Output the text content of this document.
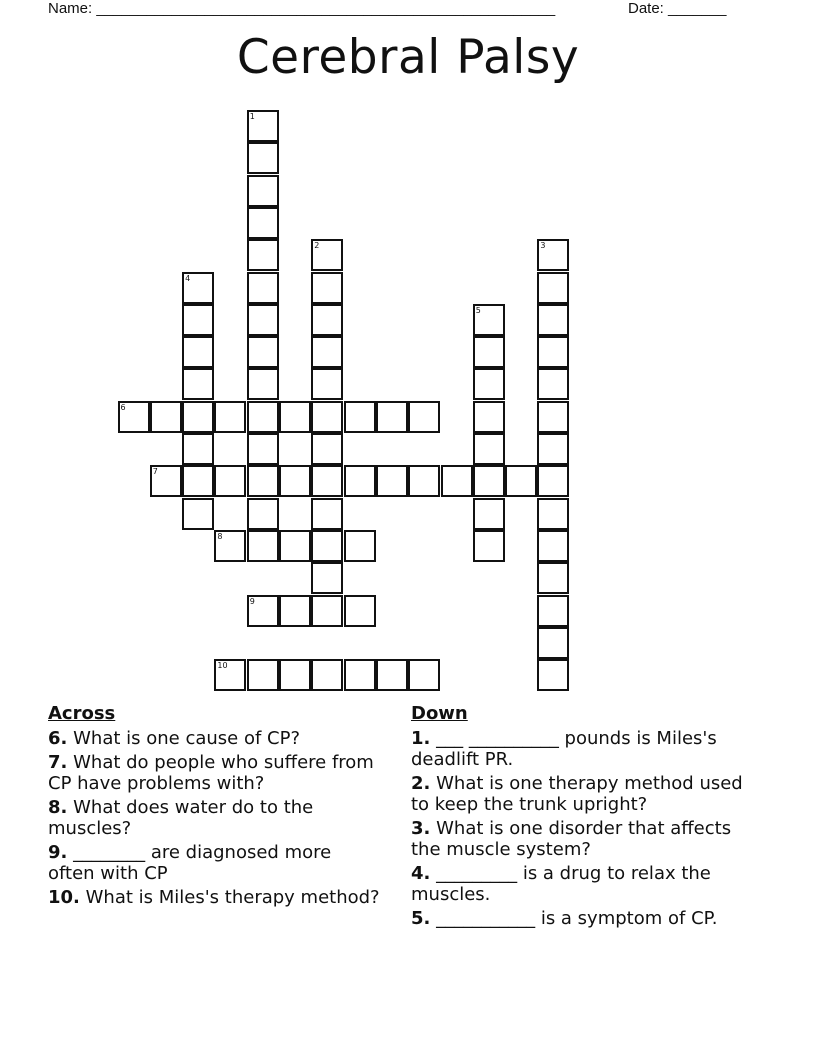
Name: _______________________________________________________	Date: _______
Cerebral Palsy
1
2	3
4
5
6
7
8
9
10
Across
6. What is one cause of CP?
7. What do people who suffere from CP have problems with?
8. What does water do to the muscles?
9. ________ are diagnosed more often with CP
10. What is Miles's therapy method?
Down
1. ___ __________ pounds is Miles's deadlift PR.
2. What is one therapy method used to keep the trunk upright?
3. What is one disorder that affects the muscle system?
4. _________ is a drug to relax the muscles.
5. ___________ is a symptom of CP.
